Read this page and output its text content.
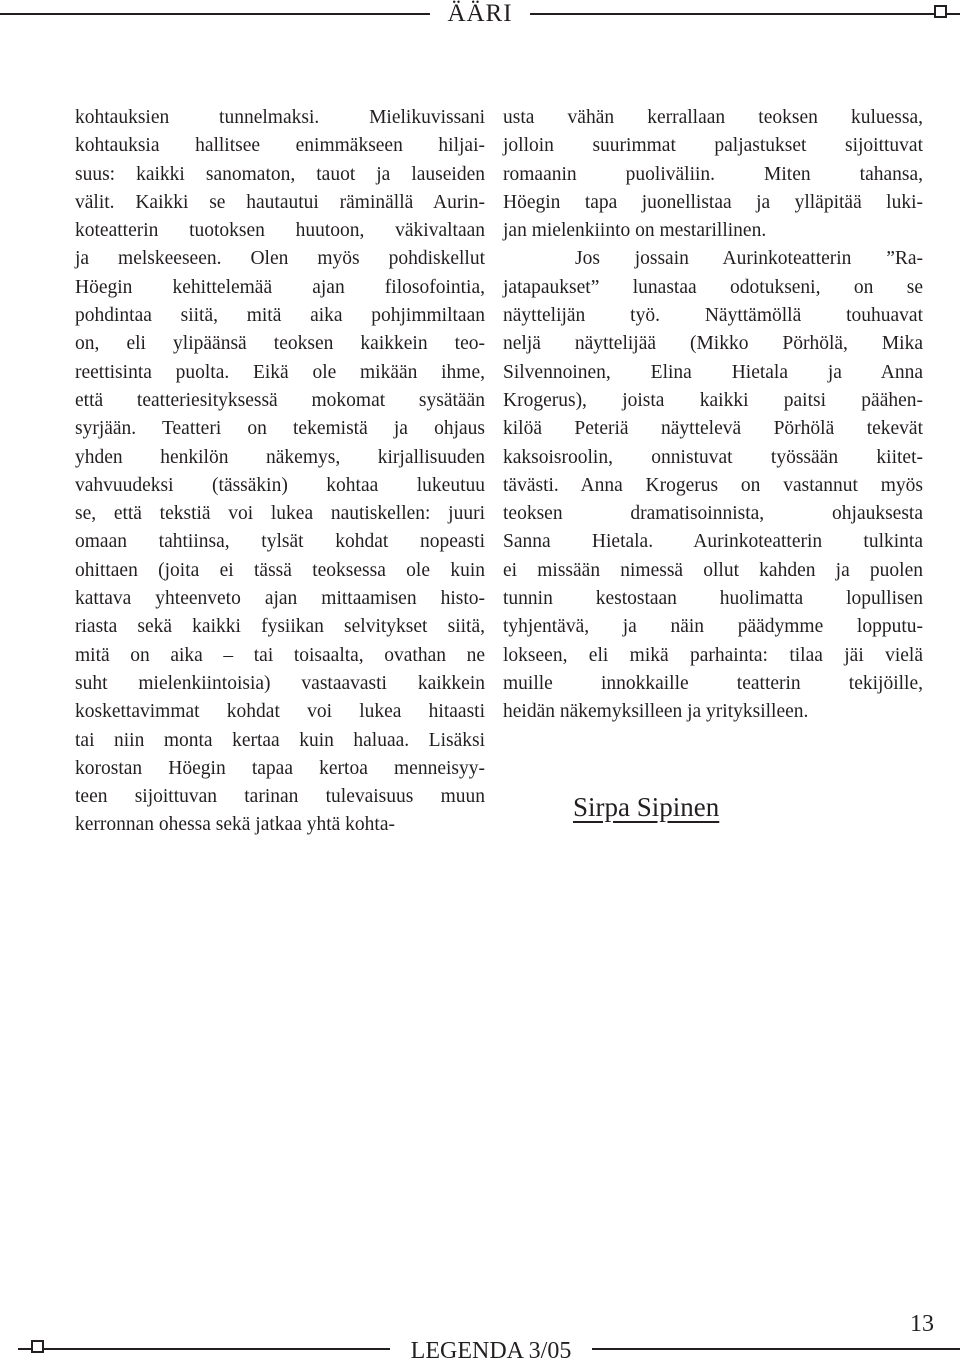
ÄÄRI

kohtauksien tunnelmaksi. Mielikuvissani
kohtauksia hallitsee enimmäkseen hiljai-
suus: kaikki sanomaton, tauot ja lauseiden
välit. Kaikki se hautautui räminällä Aurin-
koteatterin tuotoksen huutoon, väkivaltaan
ja melskeeseen. Olen myös pohdiskellut
Höegin kehittelemää ajan filosofointia,
pohdintaa siitä, mitä aika pohjimmiltaan
on, eli ylipäänsä teoksen kaikkein teo-
reettisinta puolta. Eikä ole mikään ihme,
että teatteriesityksessä mokomat sysätään
syrjään. Teatteri on tekemistä ja ohjaus
yhden henkilön näkemys, kirjallisuuden
vahvuudeksi (tässäkin) kohtaa lukeutuu
se, että tekstiä voi lukea nautiskellen: juuri
omaan tahtiinsa, tylsät kohdat nopeasti
ohittaen (joita ei tässä teoksessa ole kuin
kattava yhteenveto ajan mittaamisen histo-
riasta sekä kaikki fysiikan selvitykset siitä,
mitä on aika – tai toisaalta, ovathan ne
suht mielenkiintoisia) vastaavasti kaikkein
koskettavimmat kohdat voi lukea hitaasti
tai niin monta kertaa kuin haluaa. Lisäksi
korostan Höegin tapaa kertoa menneisyy-
teen sijoittuvan tarinan tulevaisuus muun
kerronnan ohessa sekä jatkaa yhtä kohta-

usta vähän kerrallaan teoksen kuluessa,
jolloin suurimmat paljastukset sijoittuvat
romaanin puoliväliin. Miten tahansa,
Höegin tapa juonellistaa ja ylläpitää luki-
jan mielenkiinto on mestarillinen.

Jos jossain Aurinkoteatterin ”Ra-
jatapaukset” lunastaa odotukseni, on se
näyttelijän työ. Näyttämöllä touhuavat
neljä näyttelijää (Mikko Pörhölä, Mika
Silvennoinen, Elina Hietala ja Anna
Krogerus), joista kaikki paitsi päähen-
kilöä Peteriä näyttelevä Pörhölä tekevät
kaksoisroolin, onnistuvat työssään kiitet-
tävästi. Anna Krogerus on vastannut myös
teoksen dramatisoinnista, ohjauksesta
Sanna Hietala. Aurinkoteatterin tulkinta
ei missään nimessä ollut kahden ja puolen
tunnin kestostaan huolimatta lopullisen
tyhjentävä, ja näin päädymme lopputu-
lokseen, eli mikä parhainta: tilaa jäi vielä
muille innokkaille teatterin tekijöille,
heidän näkemyksilleen ja yrityksilleen.

Sirpa Sipinen
LEGENDA 3/05
13
